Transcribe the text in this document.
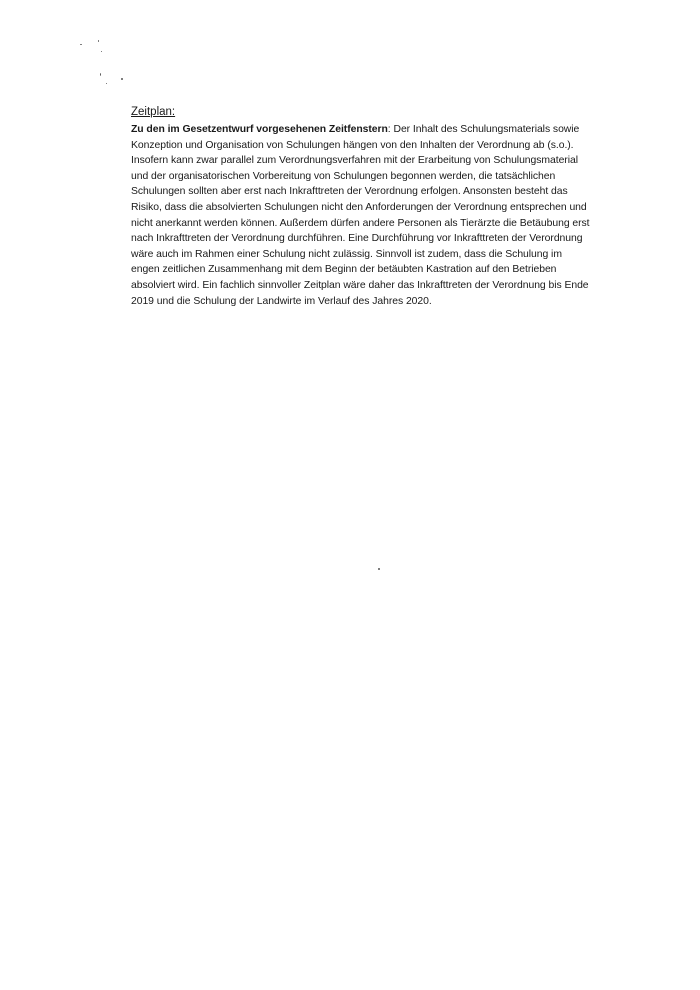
Zeitplan:

Zu den im Gesetzentwurf vorgesehenen Zeitfenstern: Der Inhalt des Schulungsmaterials sowie Konzeption und Organisation von Schulungen hängen von den Inhalten der Verordnung ab (s.o.). Insofern kann zwar parallel zum Verordnungsverfahren mit der Erarbeitung von Schulungsmaterial und der organisatorischen Vorbereitung von Schulungen begonnen werden, die tatsächlichen Schulungen sollten aber erst nach Inkrafttreten der Verordnung erfolgen. Ansonsten besteht das Risiko, dass die absolvierten Schulungen nicht den Anforderungen der Verordnung entsprechen und nicht anerkannt werden können. Außerdem dürfen andere Personen als Tierärzte die Betäubung erst nach Inkrafttreten der Verordnung durchführen. Eine Durchführung vor Inkrafttreten der Verordnung wäre auch im Rahmen einer Schulung nicht zulässig. Sinnvoll ist zudem, dass die Schulung im engen zeitlichen Zusammenhang mit dem Beginn der betäubten Kastration auf den Betrieben absolviert wird. Ein fachlich sinnvoller Zeitplan wäre daher das Inkrafttreten der Verordnung bis Ende 2019 und die Schulung der Landwirte im Verlauf des Jahres 2020.
